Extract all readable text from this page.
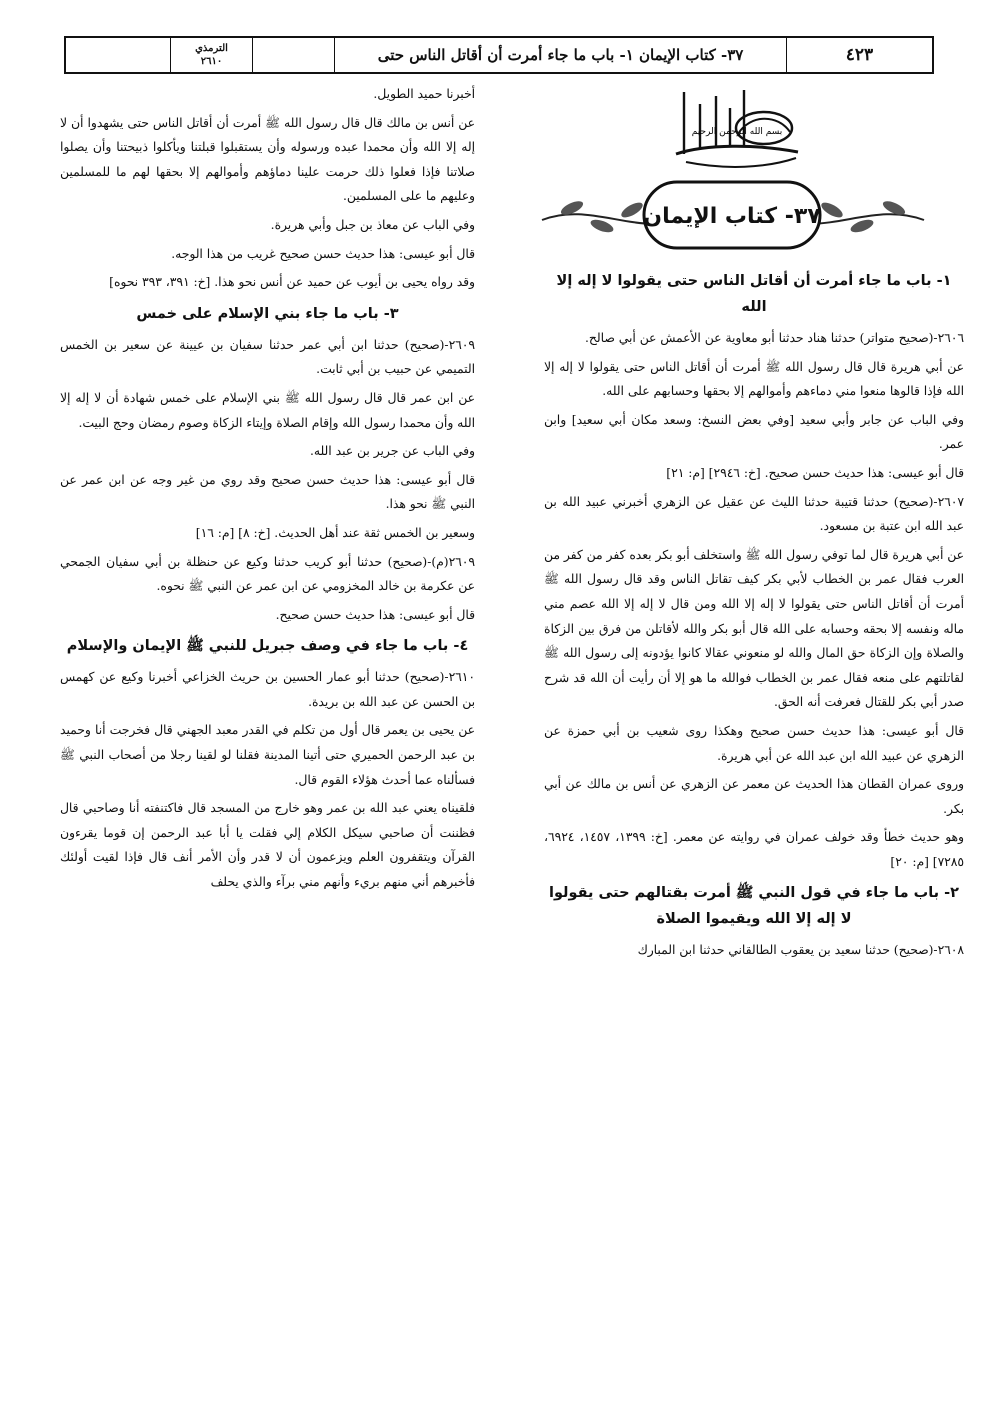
٤٢٣
٣٧- كتاب الإيمان ١- باب ما جاء أمرت أن أقاتل الناس حتى
الترمذي
٢٦١٠
بسم الله الرحمن الرحيم
٣٧- كتاب الإيمان

١- باب ما جاء أمرت أن أقاتل الناس حتى يقولوا لا إله إلا الله

٢٦٠٦-(صحيح متواتر) حدثنا هناد حدثنا أبو معاوية عن الأعمش عن أبي صالح.

عن أبي هريرة قال قال رسول الله ﷺ أمرت أن أقاتل الناس حتى يقولوا لا إله إلا الله فإذا قالوها منعوا مني دماءهم وأموالهم إلا بحقها وحسابهم على الله.

وفي الباب عن جابر وأبي سعيد [وفي بعض النسخ: وسعد مكان أبي سعيد] وابن عمر.

قال أبو عيسى: هذا حديث حسن صحيح. [خ: ٢٩٤٦] [م: ٢١]

٢٦٠٧-(صحيح) حدثنا قتيبة حدثنا الليث عن عقيل عن الزهري أخبرني عبيد الله بن عبد الله ابن عتبة بن مسعود.

عن أبي هريرة قال لما توفي رسول الله ﷺ واستخلف أبو بكر بعده كفر من كفر من العرب فقال عمر بن الخطاب لأبي بكر كيف تقاتل الناس وقد قال رسول الله ﷺ أمرت أن أقاتل الناس حتى يقولوا لا إله إلا الله ومن قال لا إله إلا الله عصم مني ماله ونفسه إلا بحقه وحسابه على الله قال أبو بكر والله لأقاتلن من فرق بين الزكاة والصلاة وإن الزكاة حق المال والله لو منعوني عقالا كانوا يؤدونه إلى رسول الله ﷺ لقاتلتهم على منعه فقال عمر بن الخطاب فوالله ما هو إلا أن رأيت أن الله قد شرح صدر أبي بكر للقتال فعرفت أنه الحق.

قال أبو عيسى: هذا حديث حسن صحيح وهكذا روى شعيب بن أبي حمزة عن الزهري عن عبيد الله ابن عبد الله عن أبي هريرة.

وروى عمران القطان هذا الحديث عن معمر عن الزهري عن أنس بن مالك عن أبي بكر.

وهو حديث خطأ وقد خولف عمران في روايته عن معمر. [خ: ١٣٩٩، ١٤٥٧، ٦٩٢٤، ٧٢٨٥] [م: ٢٠]

٢- باب ما جاء في قول النبي ﷺ أمرت بقتالهم حتى يقولوا لا إله إلا الله ويقيموا الصلاة

٢٦٠٨-(صحيح) حدثنا سعيد بن يعقوب الطالقاني حدثنا ابن المبارك

أخبرنا حميد الطويل.

عن أنس بن مالك قال قال رسول الله ﷺ أمرت أن أقاتل الناس حتى يشهدوا أن لا إله إلا الله وأن محمدا عبده ورسوله وأن يستقبلوا قبلتنا ويأكلوا ذبيحتنا وأن يصلوا صلاتنا فإذا فعلوا ذلك حرمت علينا دماؤهم وأموالهم إلا بحقها لهم ما للمسلمين وعليهم ما على المسلمين.

وفي الباب عن معاذ بن جبل وأبي هريرة.

قال أبو عيسى: هذا حديث حسن صحيح غريب من هذا الوجه.

وقد رواه يحيى بن أيوب عن حميد عن أنس نحو هذا. [خ: ٣٩١، ٣٩٣ نحوه]

٣- باب ما جاء بني الإسلام على خمس

٢٦٠٩-(صحيح) حدثنا ابن أبي عمر حدثنا سفيان بن عيينة عن سعير بن الخمس التميمي عن حبيب بن أبي ثابت.

عن ابن عمر قال قال رسول الله ﷺ بني الإسلام على خمس شهادة أن لا إله إلا الله وأن محمدا رسول الله وإقام الصلاة وإيتاء الزكاة وصوم رمضان وحج البيت.

وفي الباب عن جرير بن عبد الله.

قال أبو عيسى: هذا حديث حسن صحيح وقد روي من غير وجه عن ابن عمر عن النبي ﷺ نحو هذا.

وسعير بن الخمس ثقة عند أهل الحديث. [خ: ٨] [م: ١٦]

٢٦٠٩(م)-(صحيح) حدثنا أبو كريب حدثنا وكيع عن حنظلة بن أبي سفيان الجمحي عن عكرمة بن خالد المخزومي عن ابن عمر عن النبي ﷺ نحوه.

قال أبو عيسى: هذا حديث حسن صحيح.

٤- باب ما جاء في وصف جبريل للنبي ﷺ الإيمان والإسلام

٢٦١٠-(صحيح) حدثنا أبو عمار الحسين بن حريث الخزاعي أخبرنا وكيع عن كهمس بن الحسن عن عبد الله بن بريدة.

عن يحيى بن يعمر قال أول من تكلم في القدر معبد الجهني قال فخرجت أنا وحميد بن عبد الرحمن الحميري حتى أتينا المدينة فقلنا لو لقينا رجلا من أصحاب النبي ﷺ فسألناه عما أحدث هؤلاء القوم قال.

فلقيناه يعني عبد الله بن عمر وهو خارج من المسجد قال فاكتنفته أنا وصاحبي قال فظننت أن صاحبي سيكل الكلام إلي فقلت يا أبا عبد الرحمن إن قوما يقرءون القرآن ويتقفرون العلم ويزعمون أن لا قدر وأن الأمر أنف قال فإذا لقيت أولئك فأخبرهم أني منهم بريء وأنهم مني برآء والذي يحلف
